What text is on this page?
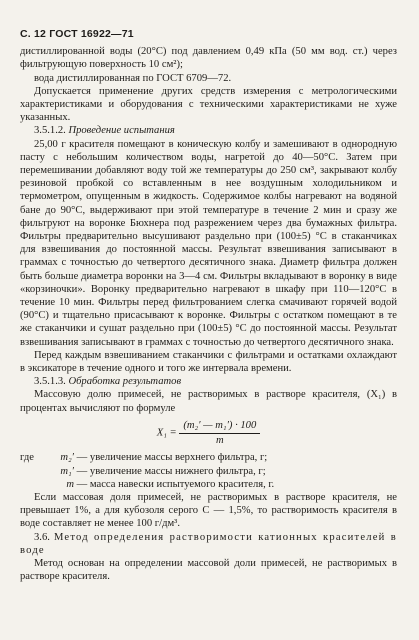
С. 12 ГОСТ 16922—71

дистиллированной воды (20°С) под давлением 0,49 кПа (50 мм вод. ст.) через фильтрующую поверхность 10 см²);

вода дистиллированная по ГОСТ 6709—72.

Допускается применение других средств измерения с метрологическими характеристиками и оборудования с техническими характеристиками не хуже указанных.

3.5.1.2. Проведение испытания

25,00 г красителя помещают в коническую колбу и замешивают в однородную пасту с небольшим количеством воды, нагретой до 40—50°С. Затем при перемешивании добавляют воду той же температуры до 250 см³, закрывают колбу резиновой пробкой со вставленным в нее воздушным холодильником и термометром, опущенным в жидкость. Содержимое колбы нагревают на водяной бане до 90°С, выдерживают при этой температуре в течение 2 мин и сразу же фильтруют на воронке Бюхнера под разрежением через два бумажных фильтра. Фильтры предварительно высушивают раздельно при (100±5) °С в стаканчиках для взвешивания до постоянной массы. Результат взвешивания записывают в граммах с точностью до четвертого десятичного знака. Диаметр фильтра должен быть больше диаметра воронки на 3—4 см. Фильтры вкладывают в воронку в виде «корзиночки». Воронку предварительно нагревают в шкафу при 110—120°С в течение 10 мин. Фильтры перед фильтрованием слегка смачивают горячей водой (90°С) и тщательно присасывают к воронке. Фильтры с остатком помещают в те же стаканчики и сушат раздельно при (100±5) °С до постоянной массы. Результат взвешивания записывают в граммах с точностью до четвертого десятичного знака.

Перед каждым взвешиванием стаканчики с фильтрами и остатками охлаждают в эксикаторе в течение одного и того же интервала времени.

3.5.1.3. Обработка результатов

Массовую долю примесей, не растворимых в растворе красителя, (X₁) в процентах вычисляют по формуле

$X_1 = \frac{\text{(m₂′ — m₁′) · 100}}{m}$
где m₂′ — увеличение массы верхнего фильтра, г;
m₁′ — увеличение массы нижнего фильтра, г;
m — масса навески испытуемого красителя, г.

Если массовая доля примесей, не растворимых в растворе красителя, не превышает 1%, а для кубозоля серого С — 1,5%, то растворимость красителя в воде составляет не менее 100 г/дм³.

3.6. Метод определения растворимости катионных красителей в воде

Метод основан на определении массовой доли примесей, не растворимых в растворе красителя.
